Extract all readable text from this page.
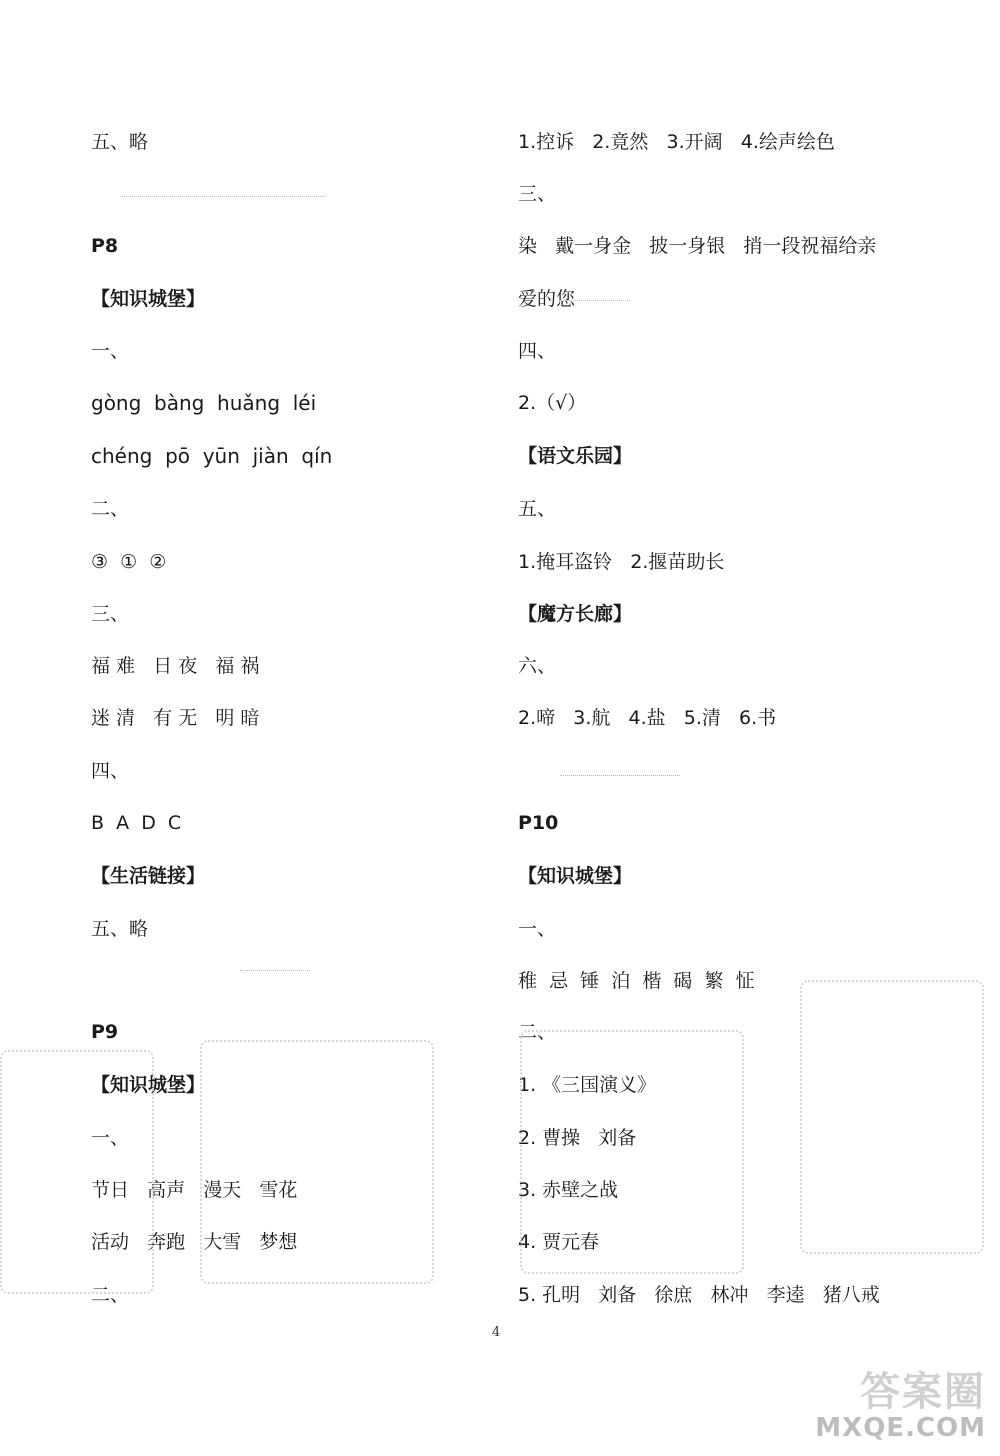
五、略
P8
【知识城堡】
一、
gòng  bàng  huǎng  léi
chéng  pō  yūn  jiàn  qín
二、
③  ①  ②
三、
福 难   日 夜   福 祸
迷 清   有 无   明 暗
四、
B  A  D  C
【生活链接】
五、略
P9
【知识城堡】
一、
节日   高声   漫天   雪花
活动   奔跑   大雪   梦想
二、
1.控诉   2.竟然   3.开阔   4.绘声绘色
三、
染   戴一身金   披一身银   捎一段祝福给亲
爱的您
四、
2.（√）
【语文乐园】
五、
1.掩耳盗铃   2.揠苗助长
【魔方长廊】
六、
2.啼   3.航   4.盐   5.清   6.书
P10
【知识城堡】
一、
稚  忌  锤  泊  楷  碣  繁  怔
二、
1. 《三国演义》
2. 曹操   刘备
3. 赤壁之战
4. 贾元春
5. 孔明   刘备   徐庶   林冲   李逵   猪八戒
4
答案圈
MXQE.COM
